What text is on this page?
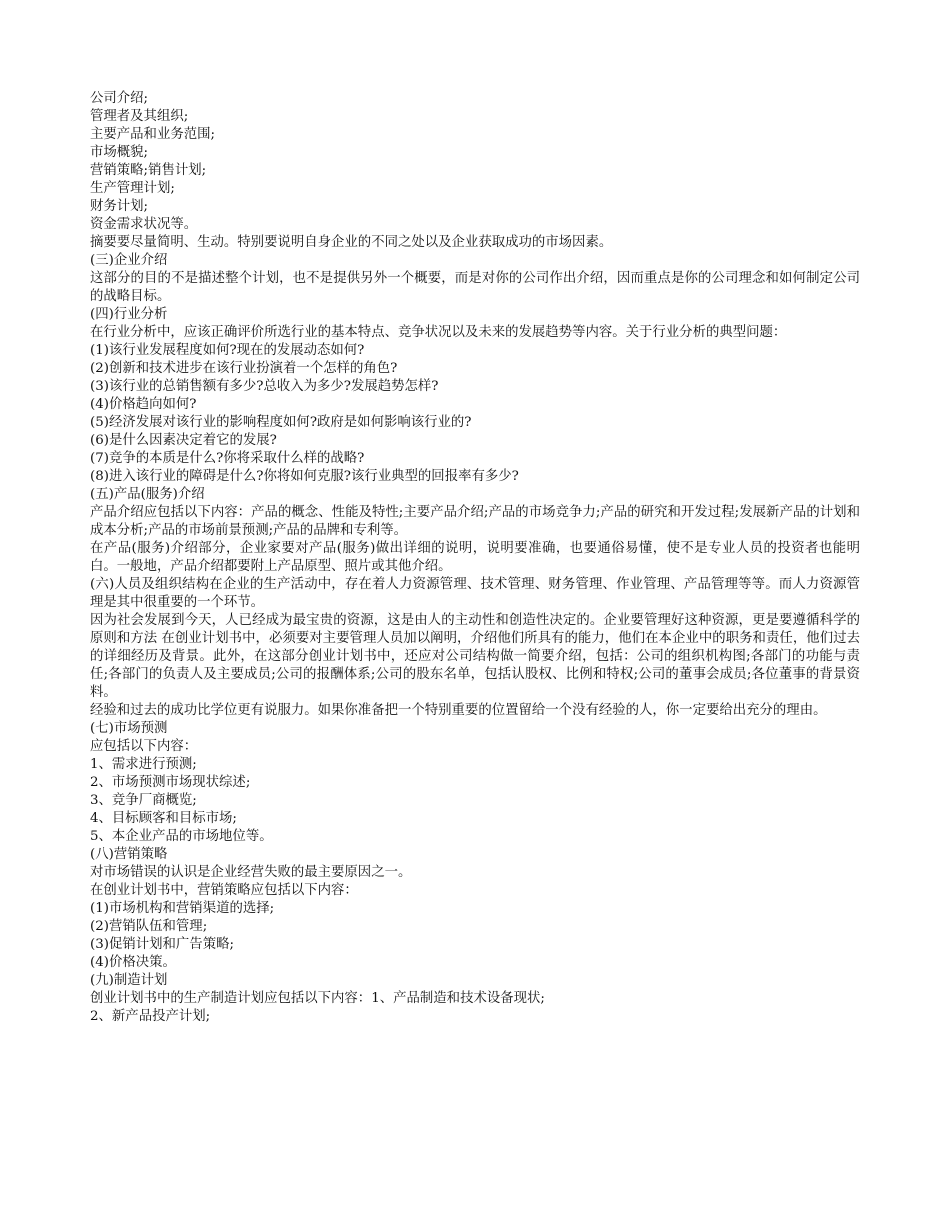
公司介绍;

管理者及其组织;

主要产品和业务范围;

市场概貌;

营销策略;销售计划;

生产管理计划;

财务计划;

资金需求状况等。

摘要要尽量简明、生动。特别要说明自身企业的不同之处以及企业获取成功的市场因素。

(三)企业介绍

这部分的目的不是描述整个计划，也不是提供另外一个概要，而是对你的公司作出介绍，因而重点是你的公司理念和如何制定公司的战略目标。

(四)行业分析

在行业分析中，应该正确评价所选行业的基本特点、竞争状况以及未来的发展趋势等内容。关于行业分析的典型问题：

(1)该行业发展程度如何?现在的发展动态如何?

(2)创新和技术进步在该行业扮演着一个怎样的角色?

(3)该行业的总销售额有多少?总收入为多少?发展趋势怎样?

(4)价格趋向如何?

(5)经济发展对该行业的影响程度如何?政府是如何影响该行业的?

(6)是什么因素决定着它的发展?

(7)竞争的本质是什么?你将采取什么样的战略?

(8)进入该行业的障碍是什么?你将如何克服?该行业典型的回报率有多少?

(五)产品(服务)介绍

产品介绍应包括以下内容：产品的概念、性能及特性;主要产品介绍;产品的市场竞争力;产品的研究和开发过程;发展新产品的计划和成本分析;产品的市场前景预测;产品的品牌和专利等。

在产品(服务)介绍部分，企业家要对产品(服务)做出详细的说明，说明要准确，也要通俗易懂，使不是专业人员的投资者也能明白。一般地，产品介绍都要附上产品原型、照片或其他介绍。

(六)人员及组织结构在企业的生产活动中，存在着人力资源管理、技术管理、财务管理、作业管理、产品管理等等。而人力资源管理是其中很重要的一个环节。

因为社会发展到今天，人已经成为最宝贵的资源，这是由人的主动性和创造性决定的。企业要管理好这种资源，更是要遵循科学的原则和方法 在创业计划书中，必须要对主要管理人员加以阐明，介绍他们所具有的能力，他们在本企业中的职务和责任，他们过去的详细经历及背景。此外，在这部分创业计划书中，还应对公司结构做一简要介绍，包括：公司的组织机构图;各部门的功能与责任;各部门的负责人及主要成员;公司的报酬体系;公司的股东名单，包括认股权、比例和特权;公司的董事会成员;各位董事的背景资料。

经验和过去的成功比学位更有说服力。如果你准备把一个特别重要的位置留给一个没有经验的人，你一定要给出充分的理由。

(七)市场预测

应包括以下内容：

1、需求进行预测;

2、市场预测市场现状综述;

3、竞争厂商概览;

4、目标顾客和目标市场;

5、本企业产品的市场地位等。

(八)营销策略

对市场错误的认识是企业经营失败的最主要原因之一。

在创业计划书中，营销策略应包括以下内容：

(1)市场机构和营销渠道的选择;

(2)营销队伍和管理;

(3)促销计划和广告策略;

(4)价格决策。

(九)制造计划

创业计划书中的生产制造计划应包括以下内容：1、产品制造和技术设备现状;

2、新产品投产计划;
